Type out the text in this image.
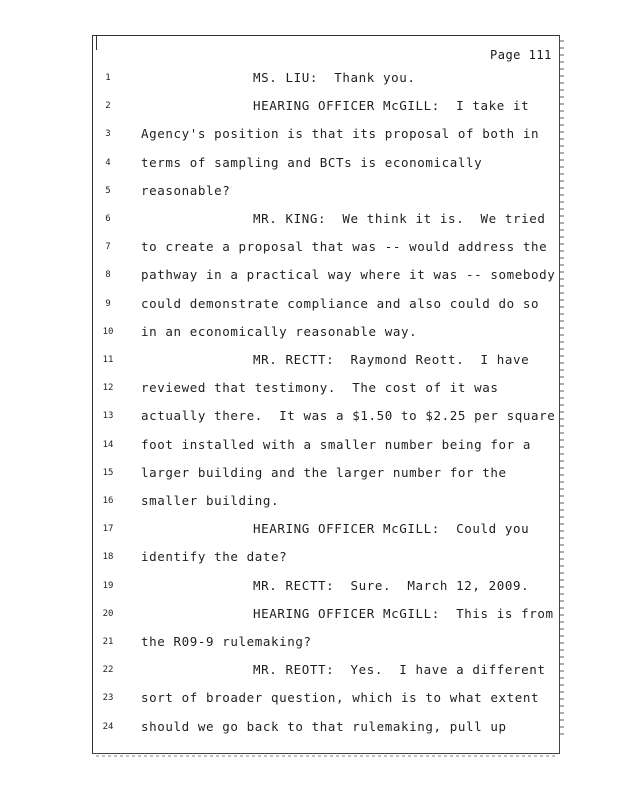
Page 111
1	MS. LIU:  Thank you.
2	HEARING OFFICER McGILL:  I take it
3	Agency's position is that its proposal of both in
4	terms of sampling and BCTs is economically
5	reasonable?
6	MR. KING:  We think it is.  We tried
7	to create a proposal that was -- would address the
8	pathway in a practical way where it was -- somebody
9	could demonstrate compliance and also could do so
10	in an economically reasonable way.
11	MR. RECTT:  Raymond Reott.  I have
12	reviewed that testimony.  The cost of it was
13	actually there.  It was a $1.50 to $2.25 per square
14	foot installed with a smaller number being for a
15	larger building and the larger number for the
16	smaller building.
17	HEARING OFFICER McGILL:  Could you
18	identify the date?
19	MR. RECTT:  Sure.  March 12, 2009.
20	HEARING OFFICER McGILL:  This is from
21	the R09-9 rulemaking?
22	MR. REOTT:  Yes.  I have a different
23	sort of broader question, which is to what extent
24	should we go back to that rulemaking, pull up
